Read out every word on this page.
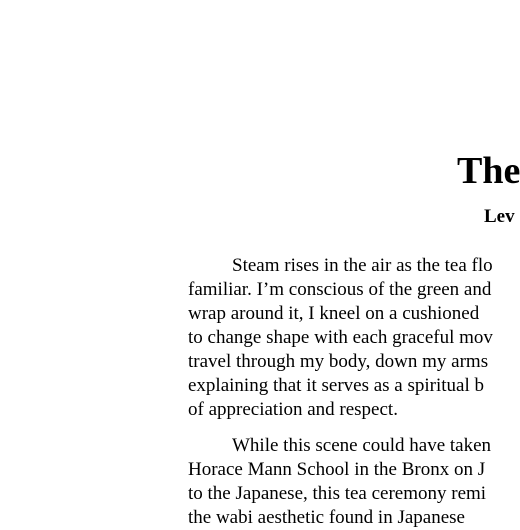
The

Lev

Steam rises in the air as the tea flo
familiar. I’m conscious of the green and
wrap around it, I kneel on a cushioned
to change shape with each graceful mov
travel through my body, down my arms
explaining that it serves as a spiritual b
of appreciation and respect.
While this scene could have taken
Horace Mann School in the Bronx on J
to the Japanese, this tea ceremony remi
the wabi aesthetic found in Japanese
